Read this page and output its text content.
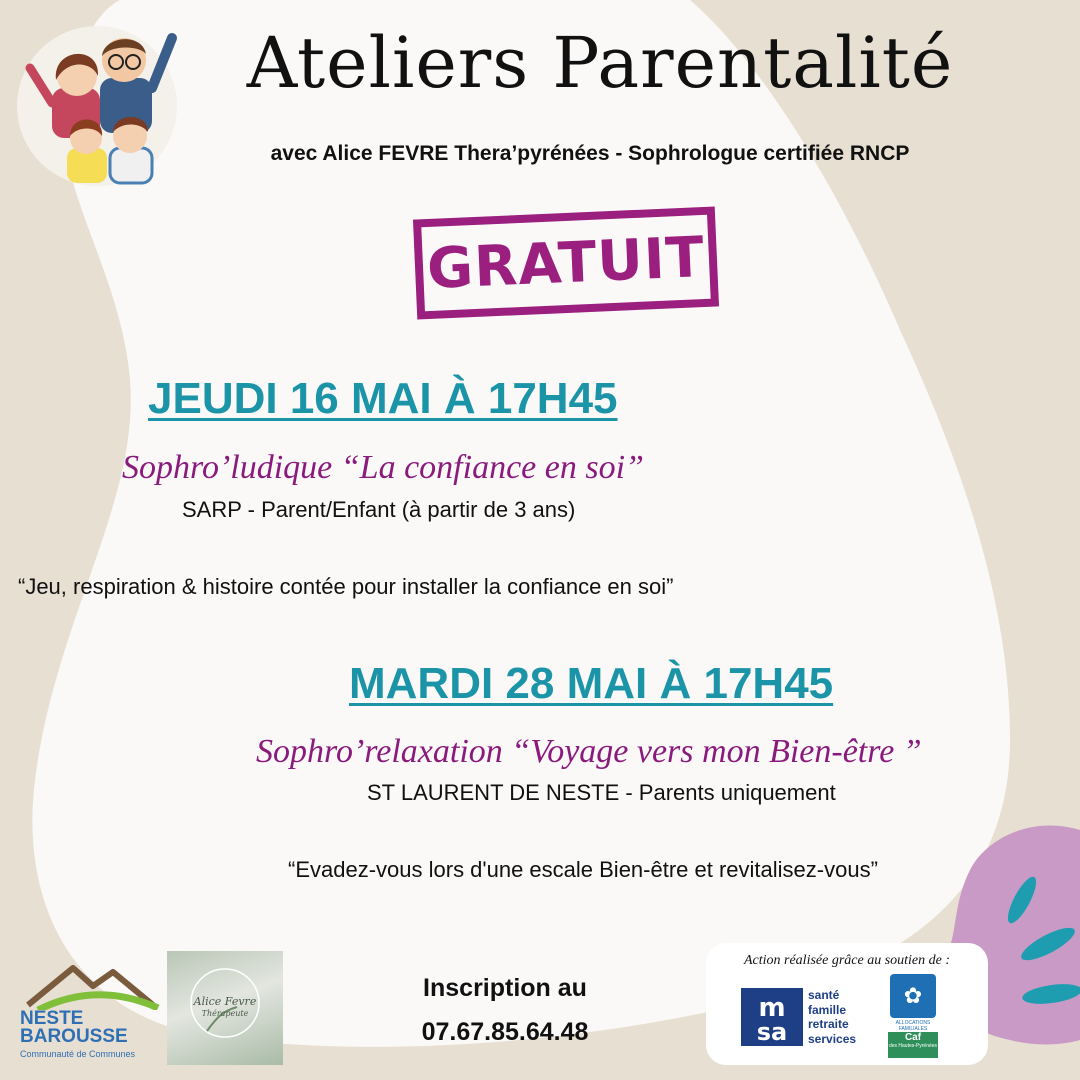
Ateliers Parentalité
avec Alice FEVRE Thera’pyrénées - Sophrologue certifiée RNCP
GRATUIT
JEUDI 16 MAI À 17H45
Sophro’ludique “La confiance en soi”
SARP - Parent/Enfant (à partir de 3 ans)
“Jeu, respiration & histoire contée pour installer la confiance en soi”
MARDI 28 MAI À 17H45
Sophro’relaxation “Voyage vers mon Bien-être ”
ST LAURENT DE NESTE - Parents uniquement
“Evadez-vous lors d'une escale Bien-être et revitalisez-vous”
NESTE
BAROUSSE
Communauté de Communes
Alice Fevre
Thérapeute
Inscription au
07.67.85.64.48
Action réalisée grâce au soutien de :
m
sa
santé
famille
retraite
services
✿
ALLOCATIONS FAMILIALES
Caf
des Hautes-Pyrénées
